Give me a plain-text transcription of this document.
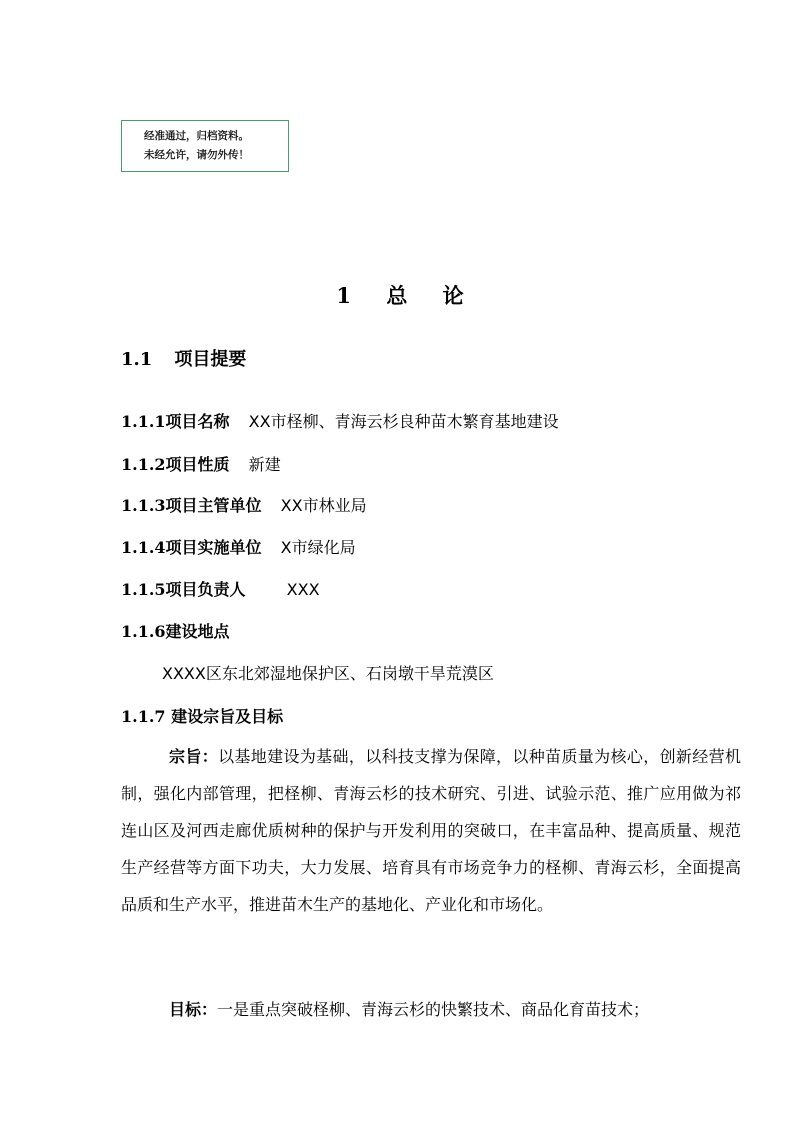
经准通过，归档资料。
未经允许，请勿外传！
1 总 论
1.1 项目提要
1.1.1项目名称 XX市柽柳、青海云杉良种苗木繁育基地建设
1.1.2项目性质 新建
1.1.3项目主管单位 XX市林业局
1.1.4项目实施单位 X市绿化局
1.1.5项目负责人	XXX
1.1.6建设地点
XXXX区东北郊湿地保护区、石岗墩干旱荒漠区
1.1.7 建设宗旨及目标
宗旨：以基地建设为基础，以科技支撑为保障，以种苗质量为核心，创新经营机制，强化内部管理，把柽柳、青海云杉的技术研究、引进、试验示范、推广应用做为祁连山区及河西走廊优质树种的保护与开发利用的突破口，在丰富品种、提高质量、规范生产经营等方面下功夫，大力发展、培育具有市场竞争力的柽柳、青海云杉，全面提高品质和生产水平，推进苗木生产的基地化、产业化和市场化。
目标：一是重点突破柽柳、青海云杉的快繁技术、商品化育苗技术；
